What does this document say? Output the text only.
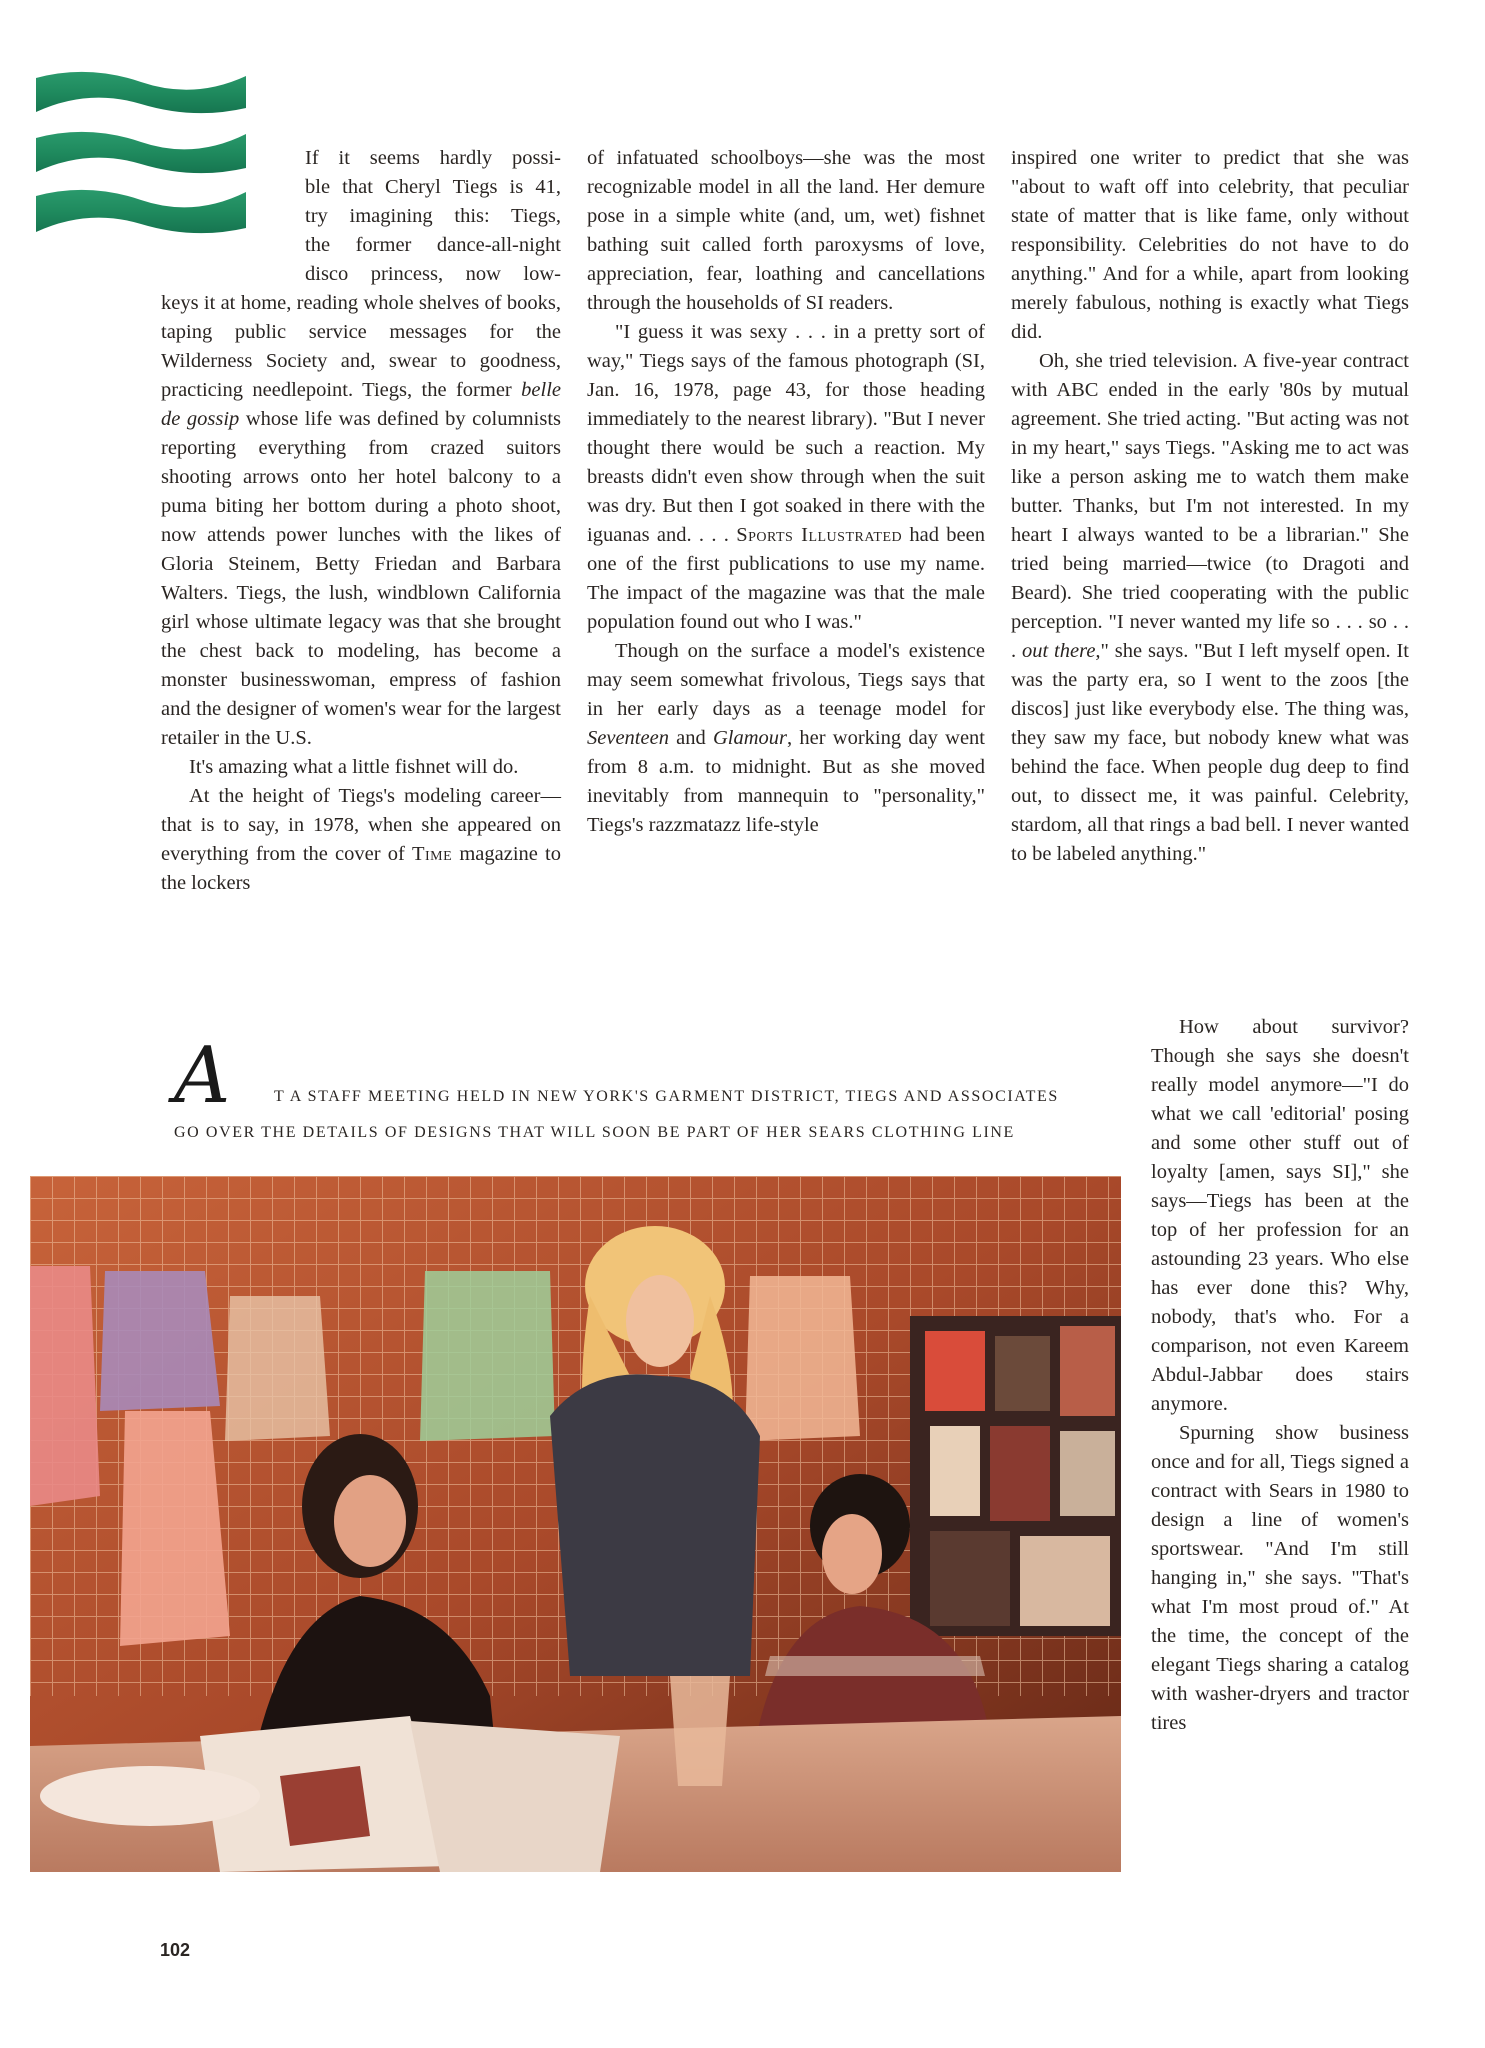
If it seems hardly possi-

ble that Cheryl Tiegs is 41,

try imagining this: Tiegs,

the former dance-all-night

disco princess, now low-

keys it at home, reading whole shelves of books, taping public service messages for the Wilderness Society and, swear to goodness, practicing needlepoint. Tiegs, the former belle de gossip whose life was defined by columnists reporting everything from crazed suitors shooting arrows onto her hotel balcony to a puma biting her bottom during a photo shoot, now attends power lunches with the likes of Gloria Steinem, Betty Friedan and Barbara Walters. Tiegs, the lush, windblown California girl whose ultimate legacy was that she brought the chest back to modeling, has become a monster businesswoman, empress of fashion and the designer of women's wear for the largest retailer in the U.S.

It's amazing what a little fishnet will do.

At the height of Tiegs's modeling career—that is to say, in 1978, when she appeared on everything from the cover of Time magazine to the lockers

of infatuated schoolboys—she was the most recognizable model in all the land. Her demure pose in a simple white (and, um, wet) fishnet bathing suit called forth paroxysms of love, appreciation, fear, loathing and cancellations through the households of SI readers.

"I guess it was sexy . . . in a pretty sort of way," Tiegs says of the famous photograph (SI, Jan. 16, 1978, page 43, for those heading immediately to the nearest library). "But I never thought there would be such a reaction. My breasts didn't even show through when the suit was dry. But then I got soaked in there with the iguanas and. . . . Sports Illustrated had been one of the first publications to use my name. The impact of the magazine was that the male population found out who I was."

Though on the surface a model's existence may seem somewhat frivolous, Tiegs says that in her early days as a teenage model for Seventeen and Glamour, her working day went from 8 a.m. to midnight. But as she moved inevitably from mannequin to "personality," Tiegs's razzmatazz life-style

inspired one writer to predict that she was "about to waft off into celebrity, that peculiar state of matter that is like fame, only without responsibility. Celebrities do not have to do anything." And for a while, apart from looking merely fabulous, nothing is exactly what Tiegs did.

Oh, she tried television. A five-year contract with ABC ended in the early '80s by mutual agreement. She tried acting. "But acting was not in my heart," says Tiegs. "Asking me to act was like a person asking me to watch them make butter. Thanks, but I'm not interested. In my heart I always wanted to be a librarian." She tried being married—twice (to Dragoti and Beard). She tried cooperating with the public perception. "I never wanted my life so . . . so . . . out there," she says. "But I left myself open. It was the party era, so I went to the zoos [the discos] just like everybody else. The thing was, they saw my face, but nobody knew what was behind the face. When people dug deep to find out, to dissect me, it was painful. Celebrity, stardom, all that rings a bad bell. I never wanted to be labeled anything."

How about survivor? Though she says she doesn't really model anymore—"I do what we call 'editorial' posing and some other stuff out of loyalty [amen, says SI]," she says—Tiegs has been at the top of her profession for an astounding 23 years. Who else has ever done this? Why, nobody, that's who. For a comparison, not even Kareem Abdul-Jabbar does stairs anymore.

Spurning show business once and for all, Tiegs signed a contract with Sears in 1980 to design a line of women's sportswear. "And I'm still hanging in," she says. "That's what I'm most proud of." At the time, the concept of the elegant Tiegs sharing a catalog with washer-dryers and tractor tires

A	T A STAFF MEETING HELD IN NEW YORK'S GARMENT DISTRICT, TIEGS AND ASSOCIATES
GO OVER THE DETAILS OF DESIGNS THAT WILL SOON BE PART OF HER SEARS CLOTHING LINE
102
